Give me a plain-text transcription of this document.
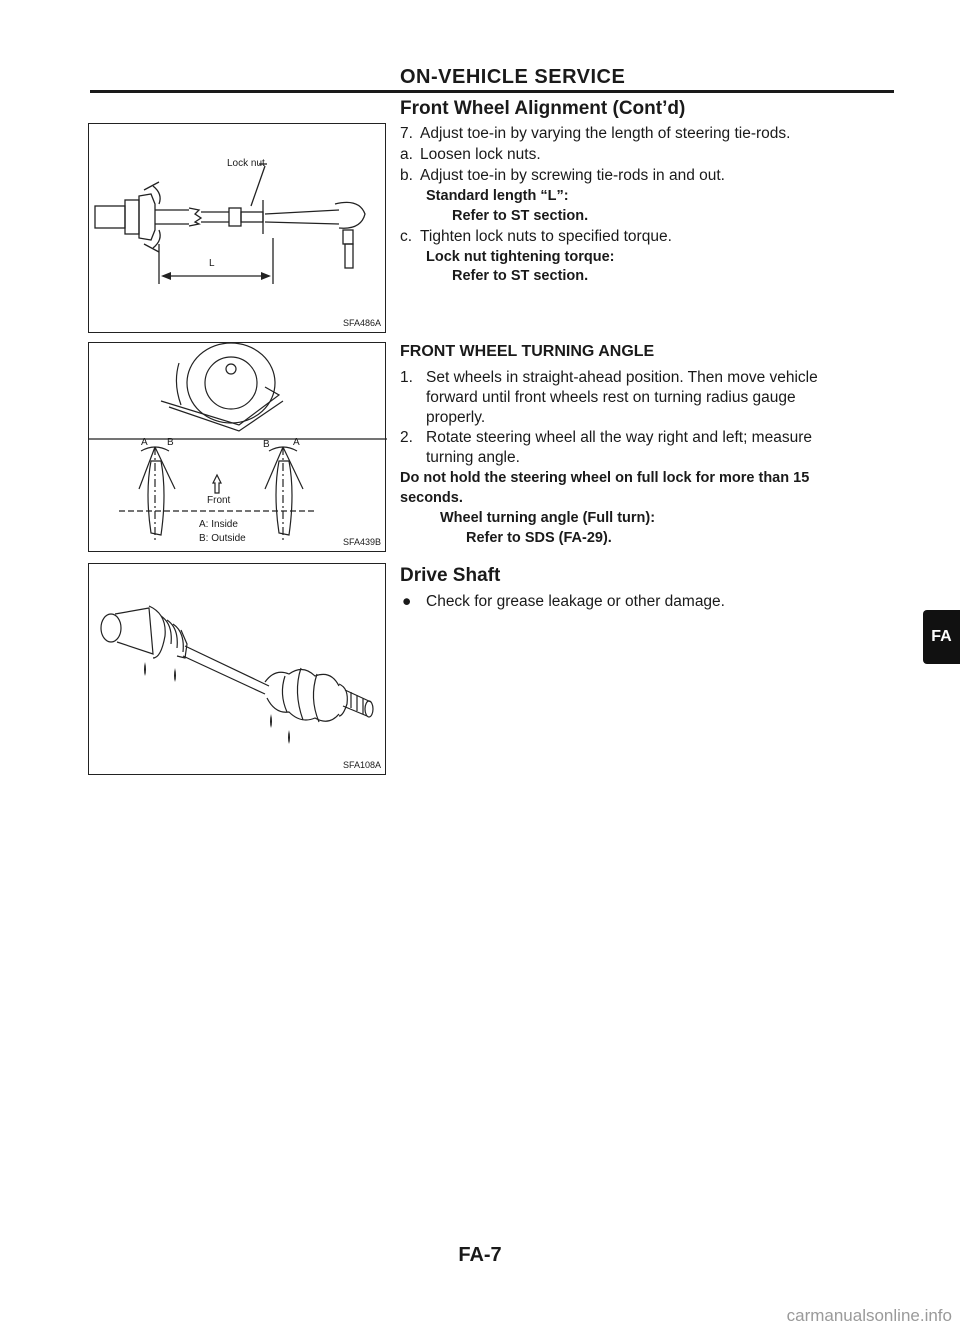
ON-VEHICLE SERVICE
Front Wheel Alignment (Cont’d)
7. Adjust toe-in by varying the length of steering tie-rods.
a. Loosen lock nuts.
b. Adjust toe-in by screwing tie-rods in and out.
Standard length “L”:
Refer to ST section.
c. Tighten lock nuts to specified torque.
Lock nut tightening torque:
Refer to ST section.
FRONT WHEEL TURNING ANGLE
1. Set wheels in straight-ahead position. Then move vehicle
forward until front wheels rest on turning radius gauge
properly.
2. Rotate steering wheel all the way right and left; measure
turning angle.
Do not hold the steering wheel on full lock for more than 15
seconds.
Wheel turning angle (Full turn):
Refer to SDS (FA-29).
Drive Shaft
● Check for grease leakage or other damage.
Lock nut
L
SFA486A
A B	B A
Front
A: Inside
B: Outside	SFA439B
SFA108A
FA
FA-7
carmanualsonline.info
